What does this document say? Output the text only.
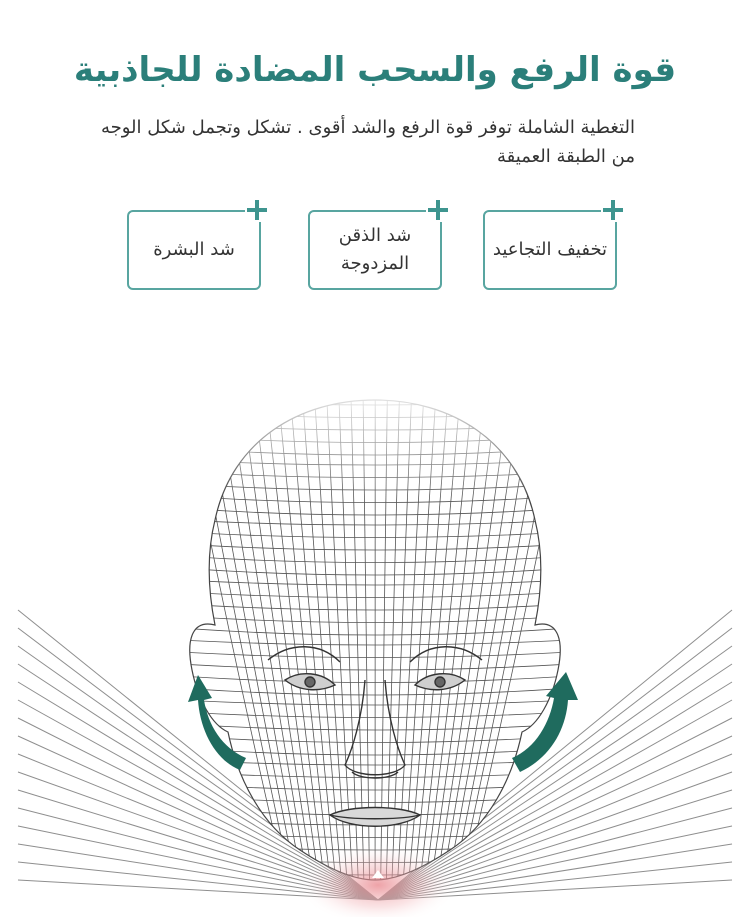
قوة الرفع والسحب المضادة للجاذبية
التغطية الشاملة توفر قوة الرفع والشد أقوى . تشكل وتجمل شكل الوجه من الطبقة العميقة
تخفيف التجاعيد
شد الذقن المزدوجة
شد البشرة
